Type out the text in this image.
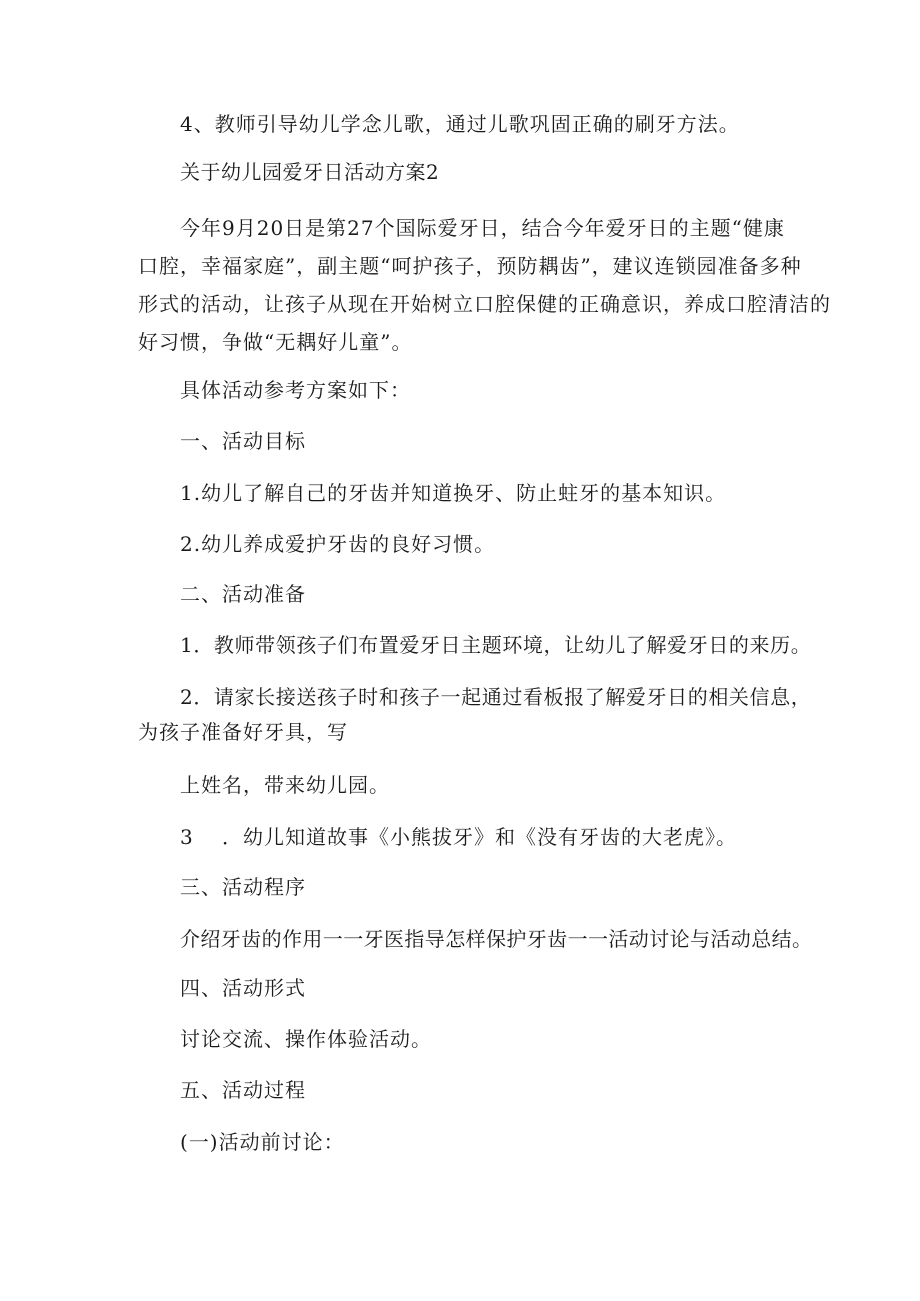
4、教师引导幼儿学念儿歌，通过儿歌巩固正确的刷牙方法。

关于幼儿园爱牙日活动方案2

今年9月20日是第27个国际爱牙日，结合今年爱牙日的主题“健康
口腔，幸福家庭”，副主题“呵护孩子，预防耦齿”，建议连锁园准备多种
形式的活动，让孩子从现在开始树立口腔保健的正确意识，养成口腔清洁的
好习惯，争做“无耦好儿童”。

具体活动参考方案如下：

一、活动目标

1.幼儿了解自己的牙齿并知道换牙、防止蛀牙的基本知识。

2.幼儿养成爱护牙齿的良好习惯。

二、活动准备

1．教师带领孩子们布置爱牙日主题环境，让幼儿了解爱牙日的来历。

2．请家长接送孩子时和孩子一起通过看板报了解爱牙日的相关信息，

为孩子准备好牙具，写

上姓名，带来幼儿园。

3 ．幼儿知道故事《小熊拔牙》和《没有牙齿的大老虎》。

三、活动程序

介绍牙齿的作用一一牙医指导怎样保护牙齿一一活动讨论与活动总结。

四、活动形式

讨论交流、操作体验活动。

五、活动过程

(一)活动前讨论：
